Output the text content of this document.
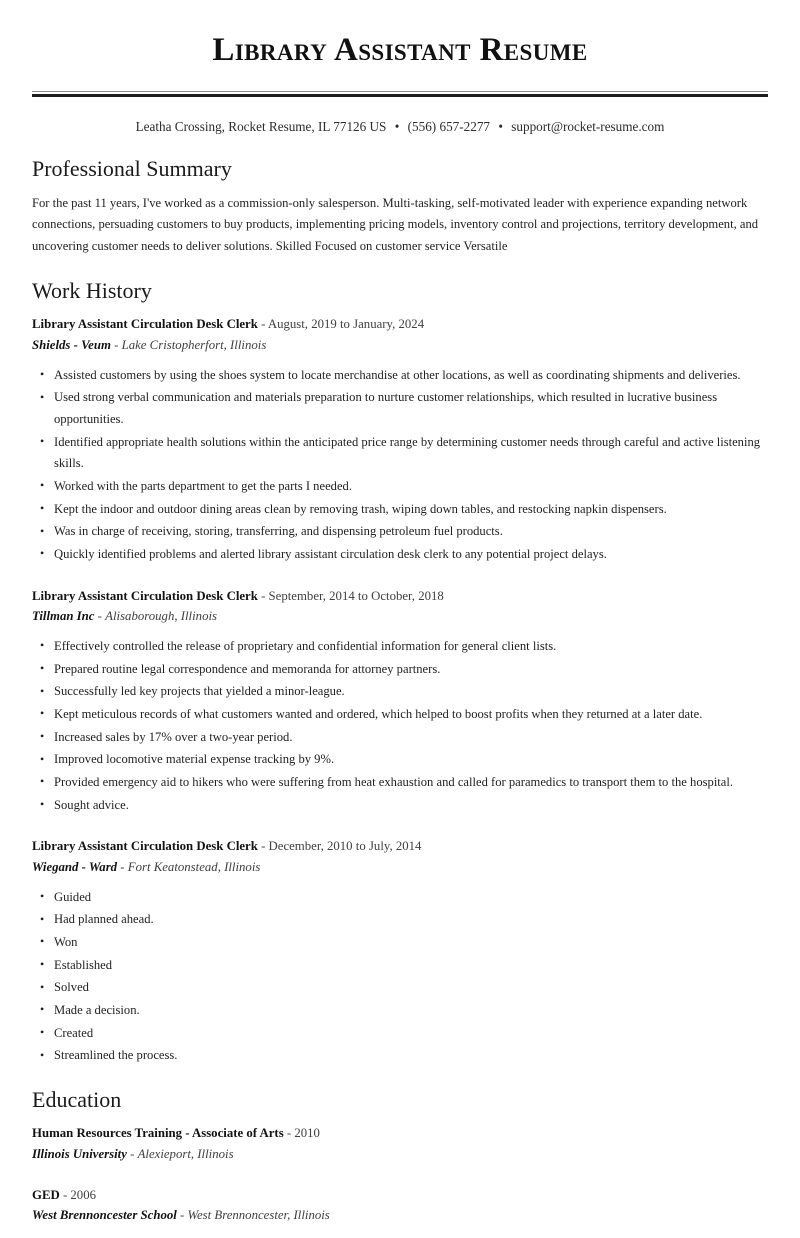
Library Assistant Resume
Leatha Crossing, Rocket Resume, IL 77126 US • (556) 657-2277 • support@rocket-resume.com
Professional Summary

For the past 11 years, I've worked as a commission-only salesperson. Multi-tasking, self-motivated leader with experience expanding network connections, persuading customers to buy products, implementing pricing models, inventory control and projections, territory development, and uncovering customer needs to deliver solutions. Skilled Focused on customer service Versatile

Work History
Library Assistant Circulation Desk Clerk - August, 2019 to January, 2024
Shields - Veum - Lake Cristopherfort, Illinois
• Assisted customers by using the shoes system to locate merchandise at other locations, as well as coordinating shipments and deliveries.
• Used strong verbal communication and materials preparation to nurture customer relationships, which resulted in lucrative business opportunities.
• Identified appropriate health solutions within the anticipated price range by determining customer needs through careful and active listening skills.
• Worked with the parts department to get the parts I needed.
• Kept the indoor and outdoor dining areas clean by removing trash, wiping down tables, and restocking napkin dispensers.
• Was in charge of receiving, storing, transferring, and dispensing petroleum fuel products.
• Quickly identified problems and alerted library assistant circulation desk clerk to any potential project delays.
Library Assistant Circulation Desk Clerk - September, 2014 to October, 2018
Tillman Inc - Alisaborough, Illinois
• Effectively controlled the release of proprietary and confidential information for general client lists.
• Prepared routine legal correspondence and memoranda for attorney partners.
• Successfully led key projects that yielded a minor-league.
• Kept meticulous records of what customers wanted and ordered, which helped to boost profits when they returned at a later date.
• Increased sales by 17% over a two-year period.
• Improved locomotive material expense tracking by 9%.
• Provided emergency aid to hikers who were suffering from heat exhaustion and called for paramedics to transport them to the hospital.
• Sought advice.
Library Assistant Circulation Desk Clerk - December, 2010 to July, 2014
Wiegand - Ward - Fort Keatonstead, Illinois
• Guided
• Had planned ahead.
• Won
• Established
• Solved
• Made a decision.
• Created
• Streamlined the process.
Education
Human Resources Training - Associate of Arts - 2010
Illinois University - Alexieport, Illinois
GED - 2006
West Brennoncester School - West Brennoncester, Illinois
